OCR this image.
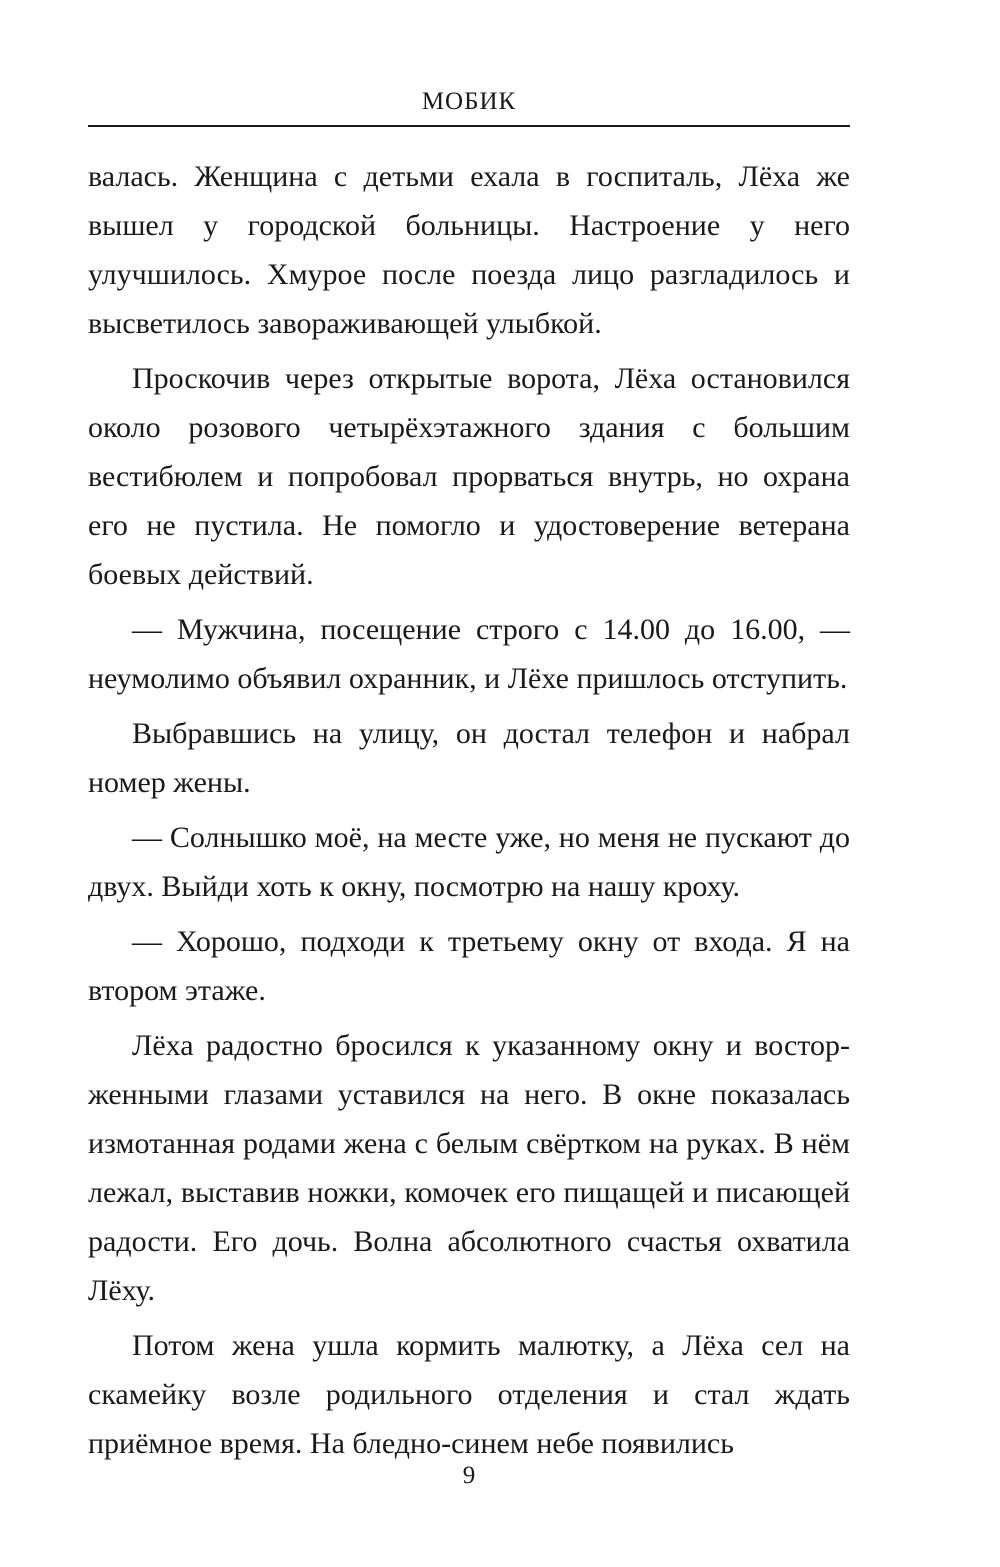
МОБИК

валась. Женщина с детьми ехала в госпиталь, Лёха же вышел у городской больницы. Настроение у него улучшилось. Хмурое после поезда лицо разгладилось и высветилось завораживающей улыбкой.

Проскочив через открытые ворота, Лёха остановился около розового четырёхэтажного здания с большим вестибюлем и попробовал прорваться внутрь, но охрана его не пустила. Не помогло и удостоверение ветерана боевых действий.

— Мужчина, посещение строго с 14.00 до 16.00, — неумолимо объявил охранник, и Лёхе пришлось отступить.

Выбравшись на улицу, он достал телефон и набрал номер жены.

— Солнышко моё, на месте уже, но меня не пускают до двух. Выйди хоть к окну, посмотрю на нашу кроху.

— Хорошо, подходи к третьему окну от входа. Я на втором этаже.

Лёха радостно бросился к указанному окну и восторженными глазами уставился на него. В окне показалась измотанная родами жена с белым свёртком на руках. В нём лежал, выставив ножки, комочек его пищащей и писающей радости. Его дочь. Волна абсолютного счастья охватила Лёху.

Потом жена ушла кормить малютку, а Лёха сел на скамейку возле родильного отделения и стал ждать приёмное время. На бледно-синем небе появились

9
